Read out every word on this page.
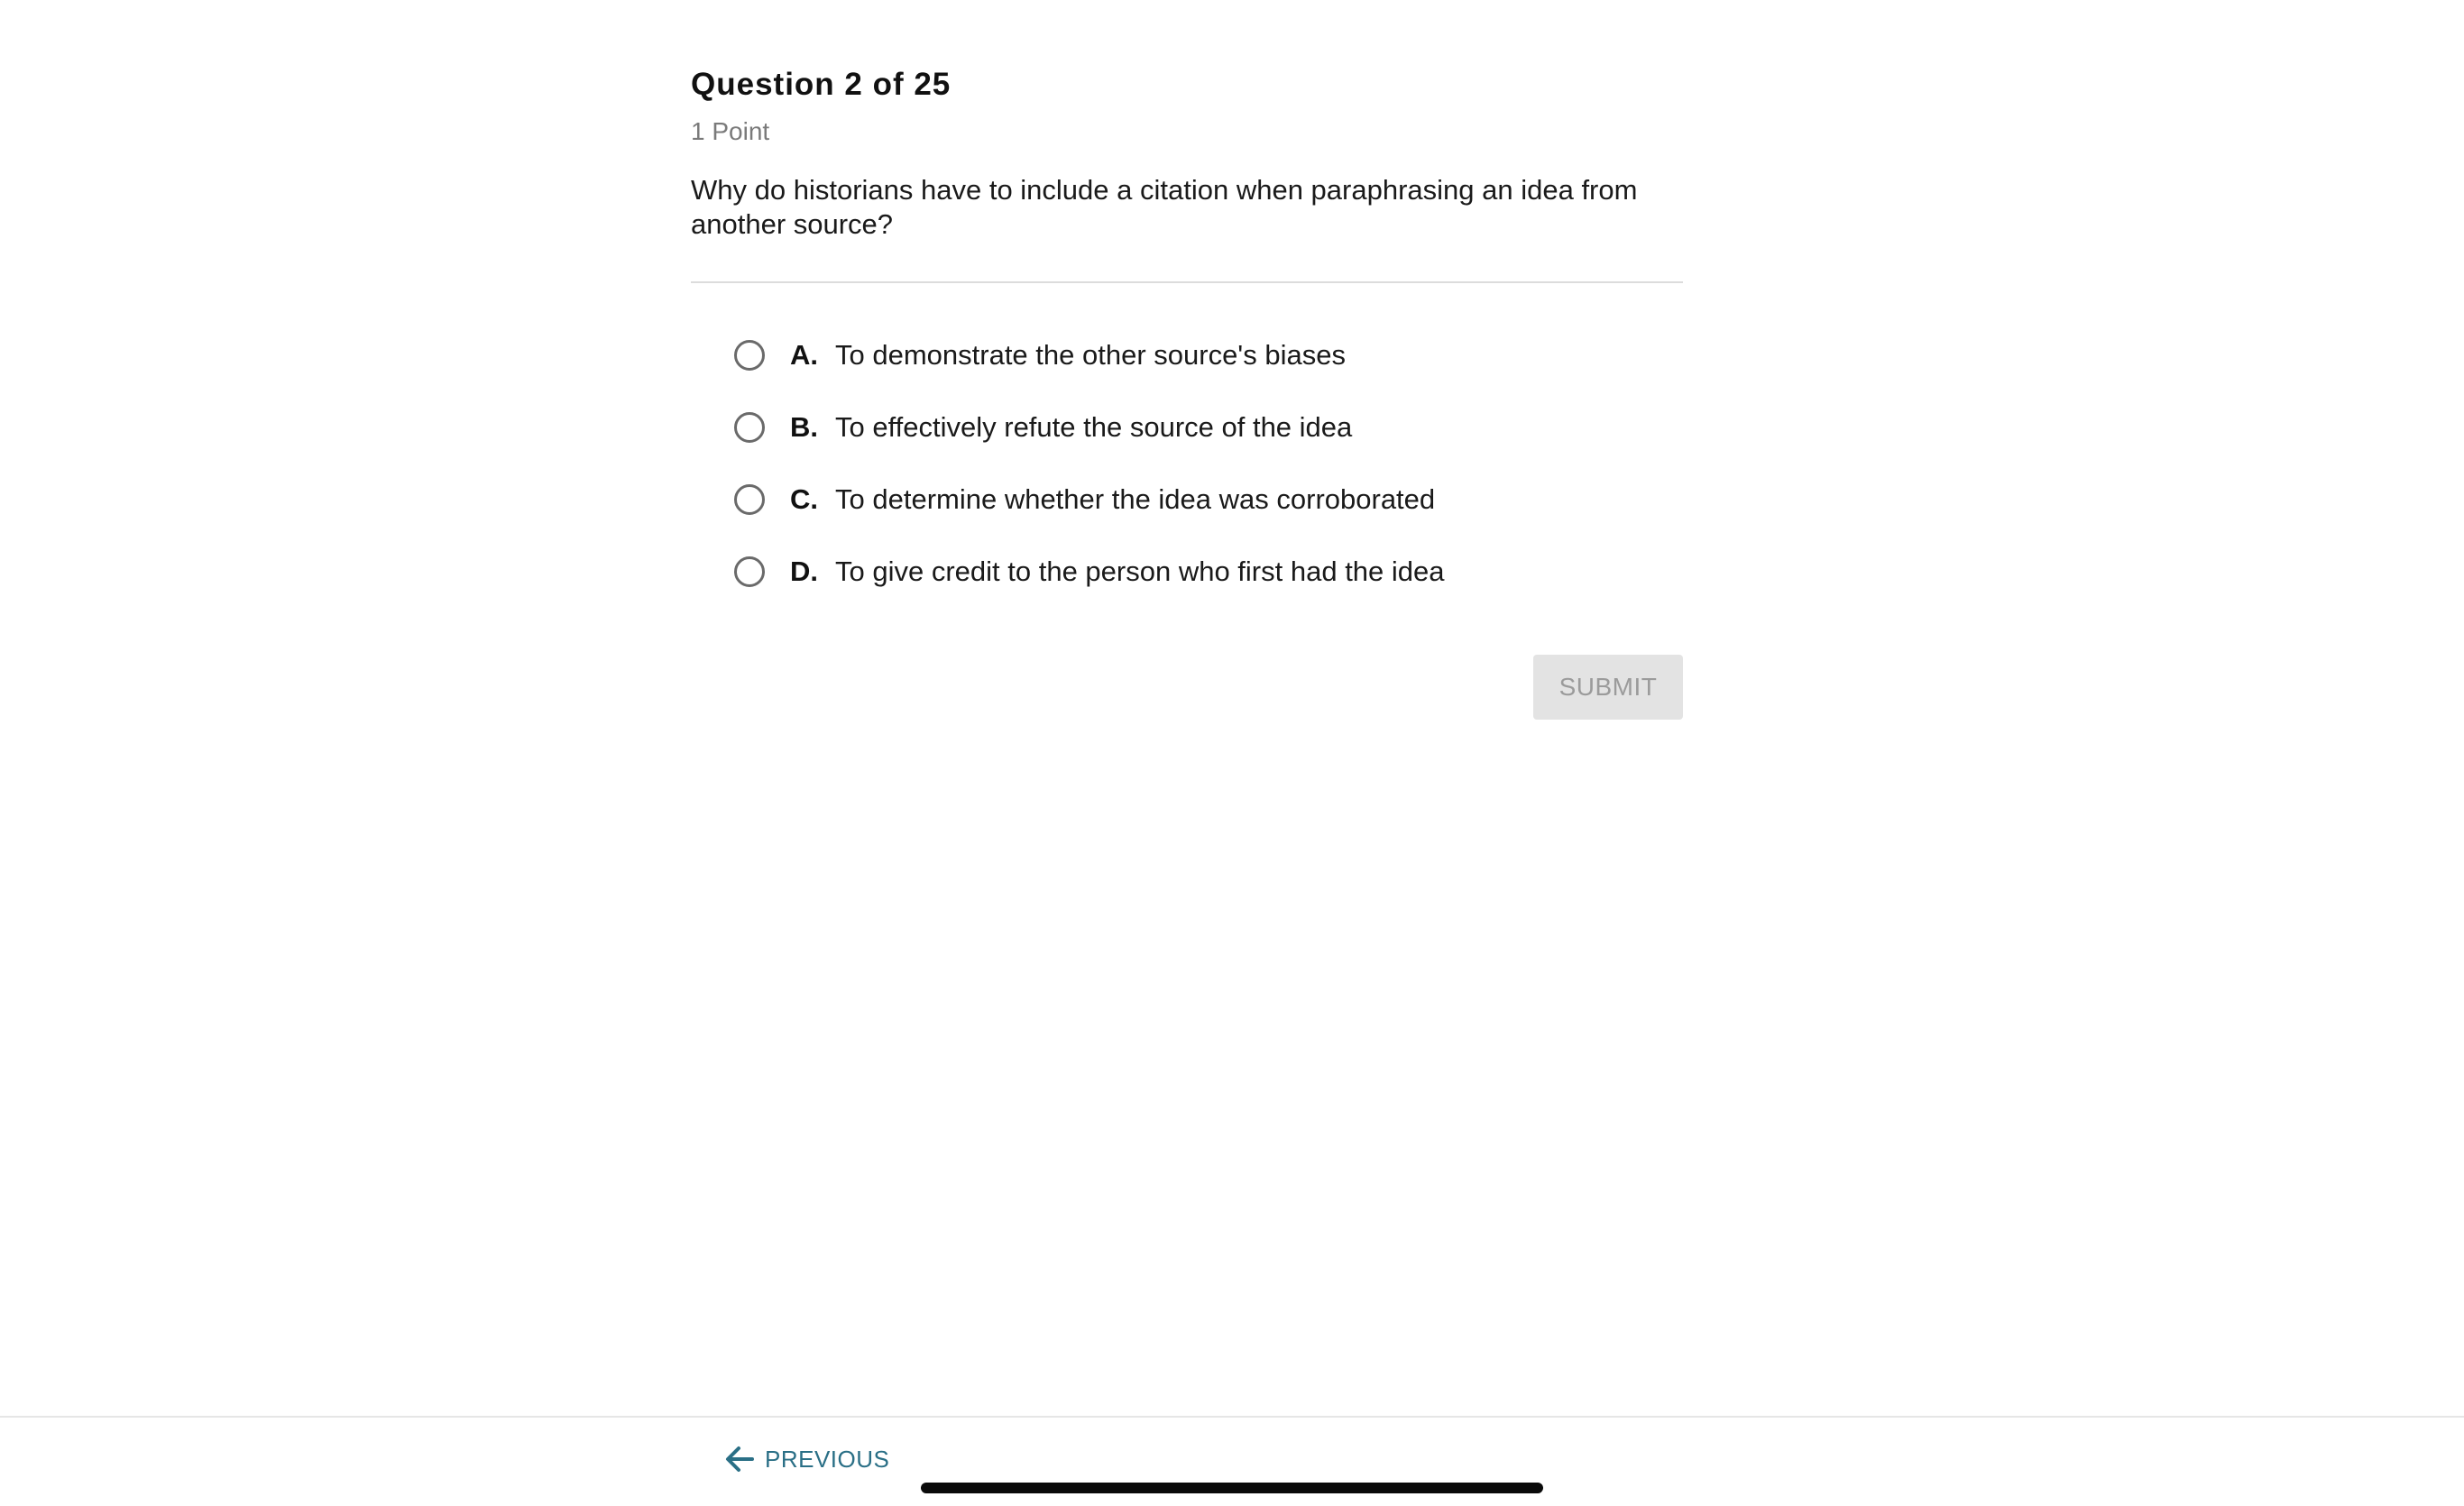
Question 2 of 25
1 Point
Why do historians have to include a citation when paraphrasing an idea from another source?
A. To demonstrate the other source's biases
B. To effectively refute the source of the idea
C. To determine whether the idea was corroborated
D. To give credit to the person who first had the idea
SUBMIT
PREVIOUS
